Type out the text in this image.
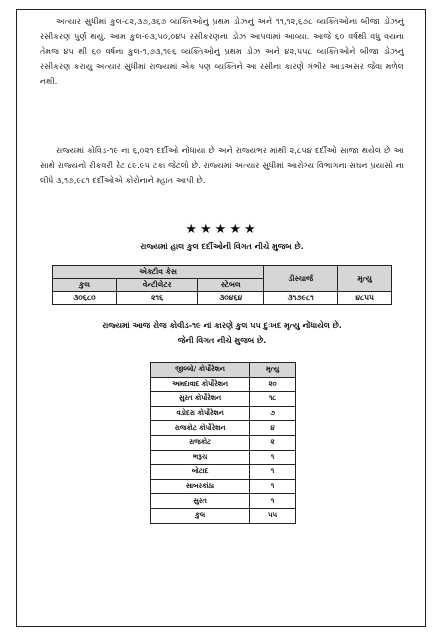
અત્યાર સુધીમાં કુલ-૮૨,૩૭,૩૬૭ વ્યક્તિઓનું પ્રથમ ડોઝનું અને ૧૧,૧૨,૬૭૮ વ્યક્તિઓના બીજા ડોઝનું રસીકરણ પુર્ણ થયું. આમ કુલ-૯૩,૫૦,૦૪૫ રસીકરણના ડોઝ આપવામાં આવ્યા. આજે ૬૦ વર્ષથી વધુ વયના તેમજ ૪૫ થી ૬૦ વર્ષના કુલ-૧,૭૩,૧૯૬ વ્યક્તિઓનું પ્રથમ ડોઝ અને ૪૨,૫૫૮ વ્યક્તિઓને બીજા ડોઝનું રસીકરણ કરાયુ અત્યાર સુધીમાં રાજ્યમાં એક પણ વ્યક્તિને આ રસીના કારણે ગંભીર આડઅસર જેવા મળેલ નથી.
રાજ્યમાં કોવિડ-૧૯ ના ૬,૦૨૧ દર્દીઓ નોંધાયા છે અને રાજ્યભર માંથી ૨,૮૫૪ દર્દીઓ સાજા થયેલ છે આ સાથે રાજ્યનો રીકવરી રેટ ૮૯.૯૫ ટકા જેટલો છે. રાજ્યમાં અત્યાર સુધીમાં આરોગ્ય વિભાગના સઘન પ્રયાસો ના લીધે ૩,૧૭,૯૮૧ દર્દીઓએ કોરોનાને મ્હાત આપી છે.
★★★★★
રાજ્યમાં હાલ કુલ દર્દીઓની વિગત નીચે મુજબ છે.
એક્ટીવ કેસ			ડીસ્ચાર્જ	મૃત્યુ
કુલ	વેન્ટીલેટર	સ્ટેબલ		
૩૦૬૮૦	૨૧૬	૩૦૪૬૪	૩૧૭૯૮૧	૪૮૫૫
રાજ્યમાં આજ રોજ કોવીડ-૧૯ નાં કારણે કુલ ૫૫ દુઃખદ મૃત્યુ નોંધાયેલ છે.
જેની વિગત નીચે મુજબ છે.
જીલ્લો/ કોર્પોરેશન	મૃત્યુ
અમદાવાદ કોર્પોરેશન	૨૦
સુરત કોર્પોરેશન	૧૮
વડોદરા કોર્પોરેશન	૭
રાજકોટ કોર્પોરેશન	૪
રાજકોટ	૨
ભરૂચ	૧
બોટાદ	૧
સાબરકાંઠા	૧
સુરત	૧
કુલ	૫૫
